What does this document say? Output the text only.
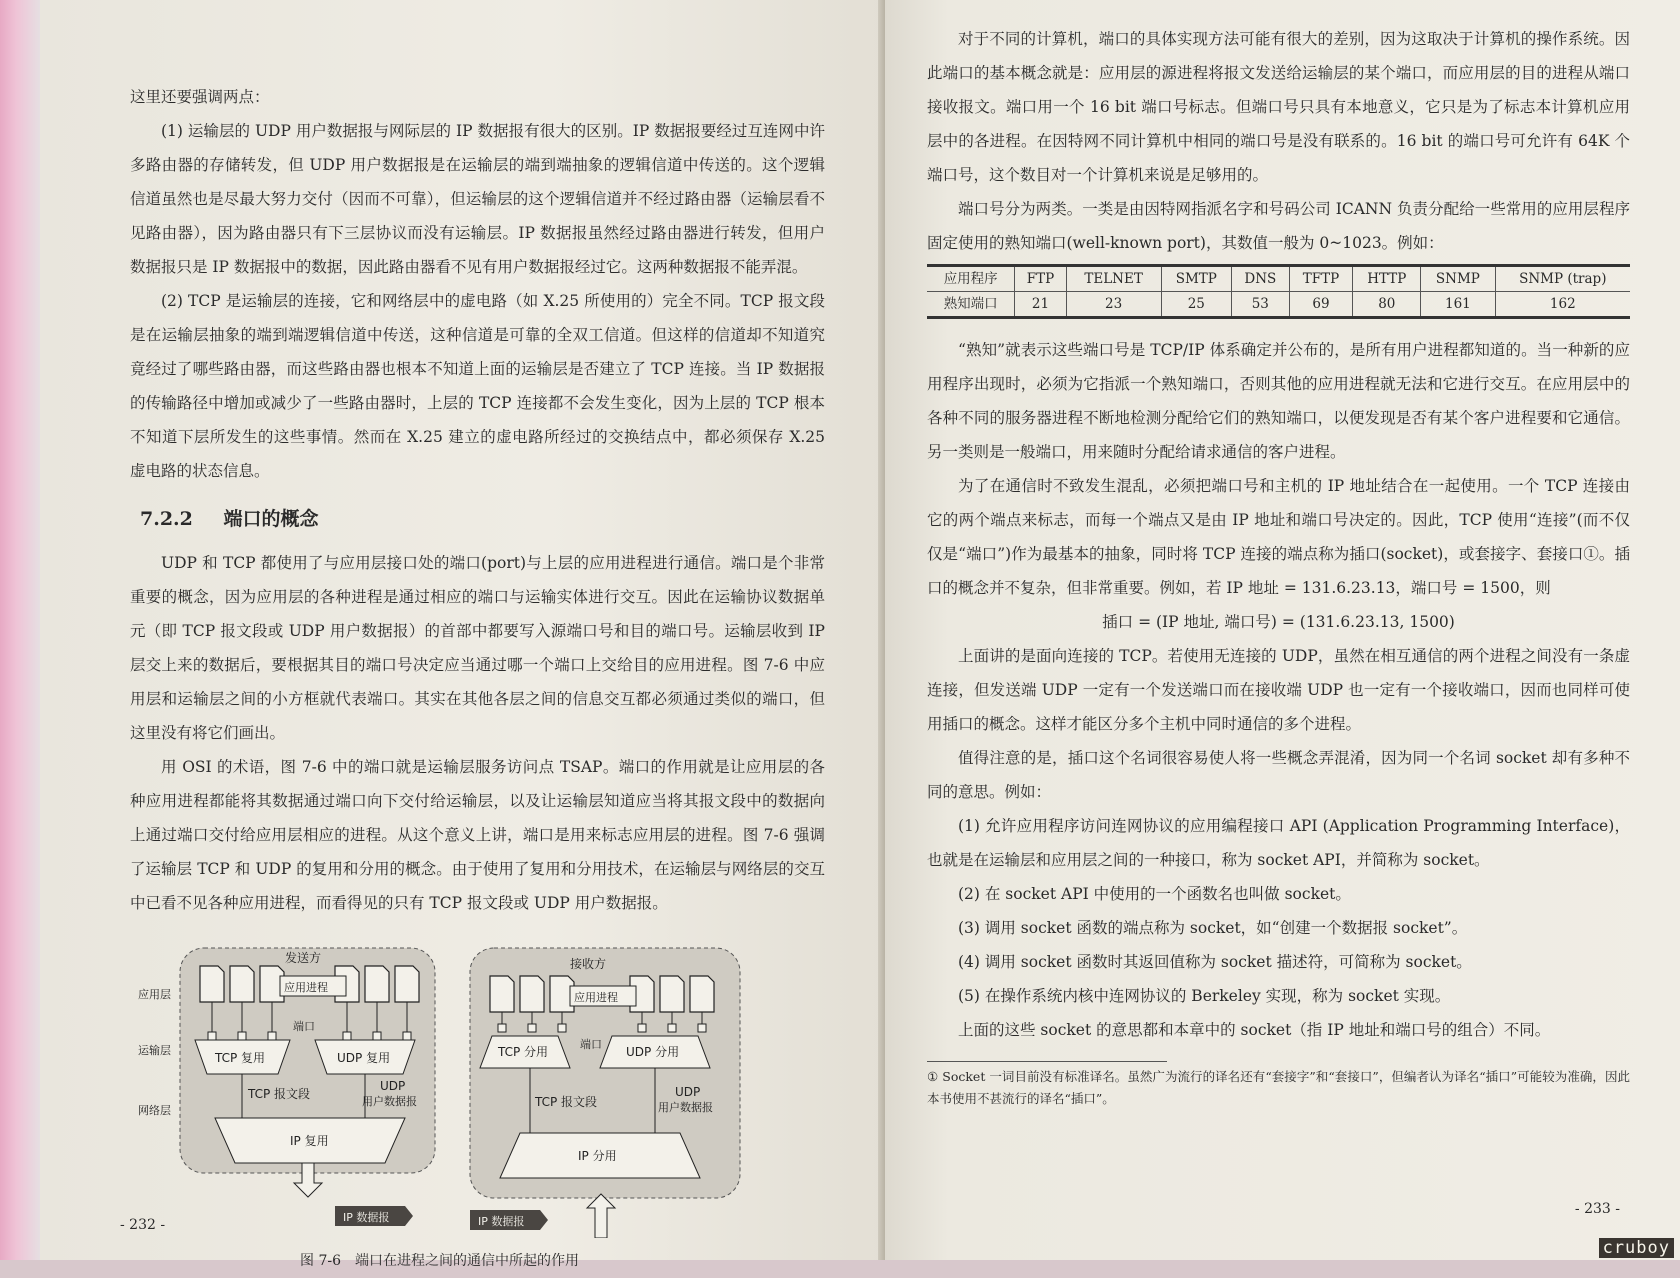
这里还要强调两点：

(1) 运输层的 UDP 用户数据报与网际层的 IP 数据报有很大的区别。IP 数据报要经过互连网中许多路由器的存储转发，但 UDP 用户数据报是在运输层的端到端抽象的逻辑信道中传送的。这个逻辑信道虽然也是尽最大努力交付（因而不可靠），但运输层的这个逻辑信道并不经过路由器（运输层看不见路由器），因为路由器只有下三层协议而没有运输层。IP 数据报虽然经过路由器进行转发，但用户数据报只是 IP 数据报中的数据，因此路由器看不见有用户数据报经过它。这两种数据报不能弄混。

(2) TCP 是运输层的连接，它和网络层中的虚电路（如 X.25 所使用的）完全不同。TCP 报文段是在运输层抽象的端到端逻辑信道中传送，这种信道是可靠的全双工信道。但这样的信道却不知道究竟经过了哪些路由器，而这些路由器也根本不知道上面的运输层是否建立了 TCP 连接。当 IP 数据报的传输路径中增加或减少了一些路由器时，上层的 TCP 连接都不会发生变化，因为上层的 TCP 根本不知道下层所发生的这些事情。然而在 X.25 建立的虚电路所经过的交换结点中，都必须保存 X.25 虚电路的状态信息。

7.2.2 端口的概念

UDP 和 TCP 都使用了与应用层接口处的端口(port)与上层的应用进程进行通信。端口是个非常重要的概念，因为应用层的各种进程是通过相应的端口与运输实体进行交互。因此在运输协议数据单元（即 TCP 报文段或 UDP 用户数据报）的首部中都要写入源端口号和目的端口号。运输层收到 IP 层交上来的数据后，要根据其目的端口号决定应当通过哪一个端口上交给目的应用进程。图 7-6 中应用层和运输层之间的小方框就代表端口。其实在其他各层之间的信息交互都必须通过类似的端口，但这里没有将它们画出。

用 OSI 的术语，图 7-6 中的端口就是运输层服务访问点 TSAP。端口的作用就是让应用层的各种应用进程都能将其数据通过端口向下交付给运输层，以及让运输层知道应当将其报文段中的数据向上通过端口交付给应用层相应的进程。从这个意义上讲，端口是用来标志应用层的进程。图 7-6 强调了运输层 TCP 和 UDP 的复用和分用的概念。由于使用了复用和分用技术，在运输层与网络层的交互中已看不见各种应用进程，而看得见的只有 TCP 报文段或 UDP 用户数据报。

发送方	接收方
应用进程
应用进程
端口
端口
TCP 复用	UDP 复用	TCP 分用	UDP 分用
TCP 报文段
TCP 报文段
UDP
用户数据报
UDP
用户数据报
IP 复用
IP 分用
IP 数据报	IP 数据报
应用层
运输层
网络层
图 7-6　端口在进程之间的通信中所起的作用
- 232 -

对于不同的计算机，端口的具体实现方法可能有很大的差别，因为这取决于计算机的操作系统。因此端口的基本概念就是：应用层的源进程将报文发送给运输层的某个端口，而应用层的目的进程从端口接收报文。端口用一个 16 bit 端口号标志。但端口号只具有本地意义，它只是为了标志本计算机应用层中的各进程。在因特网不同计算机中相同的端口号是没有联系的。16 bit 的端口号可允许有 64K 个端口号，这个数目对一个计算机来说是足够用的。

端口号分为两类。一类是由因特网指派名字和号码公司 ICANN 负责分配给一些常用的应用层程序固定使用的熟知端口(well-known port)，其数值一般为 0~1023。例如：

应用程序	FTP	TELNET	SMTP	DNS	TFTP	HTTP	SNMP	SNMP (trap)
熟知端口	21	23	25	53	69	80	161	162

“熟知”就表示这些端口号是 TCP/IP 体系确定并公布的，是所有用户进程都知道的。当一种新的应用程序出现时，必须为它指派一个熟知端口，否则其他的应用进程就无法和它进行交互。在应用层中的各种不同的服务器进程不断地检测分配给它们的熟知端口，以便发现是否有某个客户进程要和它通信。另一类则是一般端口，用来随时分配给请求通信的客户进程。

为了在通信时不致发生混乱，必须把端口号和主机的 IP 地址结合在一起使用。一个 TCP 连接由它的两个端点来标志，而每一个端点又是由 IP 地址和端口号决定的。因此，TCP 使用“连接”(而不仅仅是“端口”)作为最基本的抽象，同时将 TCP 连接的端点称为插口(socket)，或套接字、套接口①。插口的概念并不复杂，但非常重要。例如，若 IP 地址 = 131.6.23.13，端口号 = 1500，则

插口 = (IP 地址, 端口号) = (131.6.23.13, 1500)

上面讲的是面向连接的 TCP。若使用无连接的 UDP，虽然在相互通信的两个进程之间没有一条虚连接，但发送端 UDP 一定有一个发送端口而在接收端 UDP 也一定有一个接收端口，因而也同样可使用插口的概念。这样才能区分多个主机中同时通信的多个进程。

值得注意的是，插口这个名词很容易使人将一些概念弄混淆，因为同一个名词 socket 却有多种不同的意思。例如：

(1) 允许应用程序访问连网协议的应用编程接口 API (Application Programming Interface)，也就是在运输层和应用层之间的一种接口，称为 socket API，并简称为 socket。

(2) 在 socket API 中使用的一个函数名也叫做 socket。

(3) 调用 socket 函数的端点称为 socket，如“创建一个数据报 socket”。

(4) 调用 socket 函数时其返回值称为 socket 描述符，可简称为 socket。

(5) 在操作系统内核中连网协议的 Berkeley 实现，称为 socket 实现。

上面的这些 socket 的意思都和本章中的 socket（指 IP 地址和端口号的组合）不同。

① Socket 一词目前没有标准译名。虽然广为流行的译名还有“套接字”和“套接口”，但编者认为译名“插口”可能较为准确，因此本书使用不甚流行的译名“插口”。

- 233 -
cruboy
